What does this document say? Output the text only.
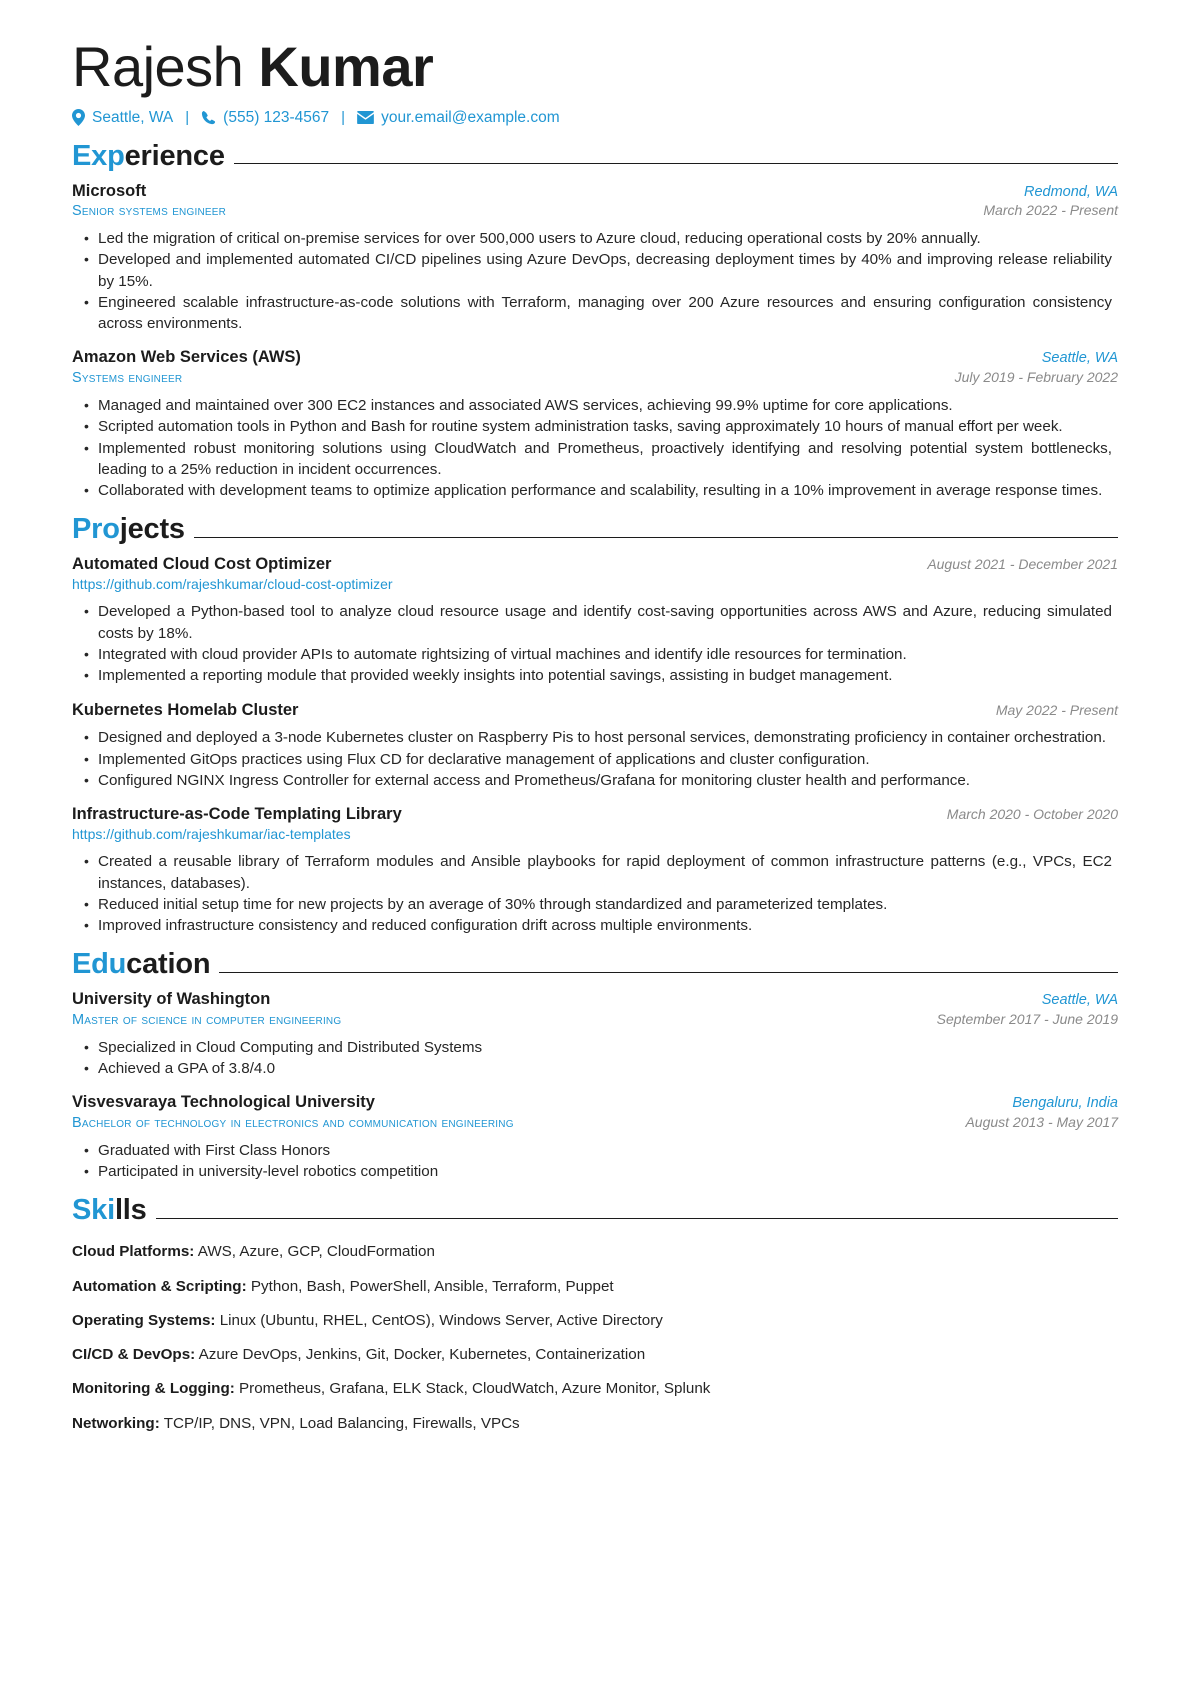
Rajesh Kumar
Seattle, WA |	(555) 123-4567 |	your.email@example.com
Experience
Microsoft	Redmond, WA
Senior systems engineer	March 2022 - Present
• Led the migration of critical on-premise services for over 500,000 users to Azure cloud, reducing operational costs by 20% annually.
• Developed and implemented automated CI/CD pipelines using Azure DevOps, decreasing deployment times by 40% and improving release reliability by 15%.
• Engineered scalable infrastructure-as-code solutions with Terraform, managing over 200 Azure resources and ensuring configuration consistency across environments.
Amazon Web Services (AWS)	Seattle, WA
Systems engineer	July 2019 - February 2022
• Managed and maintained over 300 EC2 instances and associated AWS services, achieving 99.9% uptime for core applications.
• Scripted automation tools in Python and Bash for routine system administration tasks, saving approximately 10 hours of manual effort per week.
• Implemented robust monitoring solutions using CloudWatch and Prometheus, proactively identifying and resolving potential system bottlenecks, leading to a 25% reduction in incident occurrences.
• Collaborated with development teams to optimize application performance and scalability, resulting in a 10% improvement in average response times.
Projects
Automated Cloud Cost Optimizer	August 2021 - December 2021
https://github.com/rajeshkumar/cloud-cost-optimizer
• Developed a Python-based tool to analyze cloud resource usage and identify cost-saving opportunities across AWS and Azure, reducing simulated costs by 18%.
• Integrated with cloud provider APIs to automate rightsizing of virtual machines and identify idle resources for termination.
• Implemented a reporting module that provided weekly insights into potential savings, assisting in budget management.
Kubernetes Homelab Cluster	May 2022 - Present
• Designed and deployed a 3-node Kubernetes cluster on Raspberry Pis to host personal services, demonstrating proficiency in container orchestration.
• Implemented GitOps practices using Flux CD for declarative management of applications and cluster configuration.
• Configured NGINX Ingress Controller for external access and Prometheus/Grafana for monitoring cluster health and performance.
Infrastructure-as-Code Templating Library	March 2020 - October 2020
https://github.com/rajeshkumar/iac-templates
• Created a reusable library of Terraform modules and Ansible playbooks for rapid deployment of common infrastructure patterns (e.g., VPCs, EC2 instances, databases).
• Reduced initial setup time for new projects by an average of 30% through standardized and parameterized templates.
• Improved infrastructure consistency and reduced configuration drift across multiple environments.
Education
University of Washington	Seattle, WA
Master of science in computer engineering	September 2017 - June 2019
• Specialized in Cloud Computing and Distributed Systems
• Achieved a GPA of 3.8/4.0
Visvesvaraya Technological University	Bengaluru, India
Bachelor of technology in electronics and communication engineering	August 2013 - May 2017
• Graduated with First Class Honors
• Participated in university-level robotics competition
Skills
Cloud Platforms: AWS, Azure, GCP, CloudFormation
Automation & Scripting: Python, Bash, PowerShell, Ansible, Terraform, Puppet
Operating Systems: Linux (Ubuntu, RHEL, CentOS), Windows Server, Active Directory
CI/CD & DevOps: Azure DevOps, Jenkins, Git, Docker, Kubernetes, Containerization
Monitoring & Logging: Prometheus, Grafana, ELK Stack, CloudWatch, Azure Monitor, Splunk
Networking: TCP/IP, DNS, VPN, Load Balancing, Firewalls, VPCs
